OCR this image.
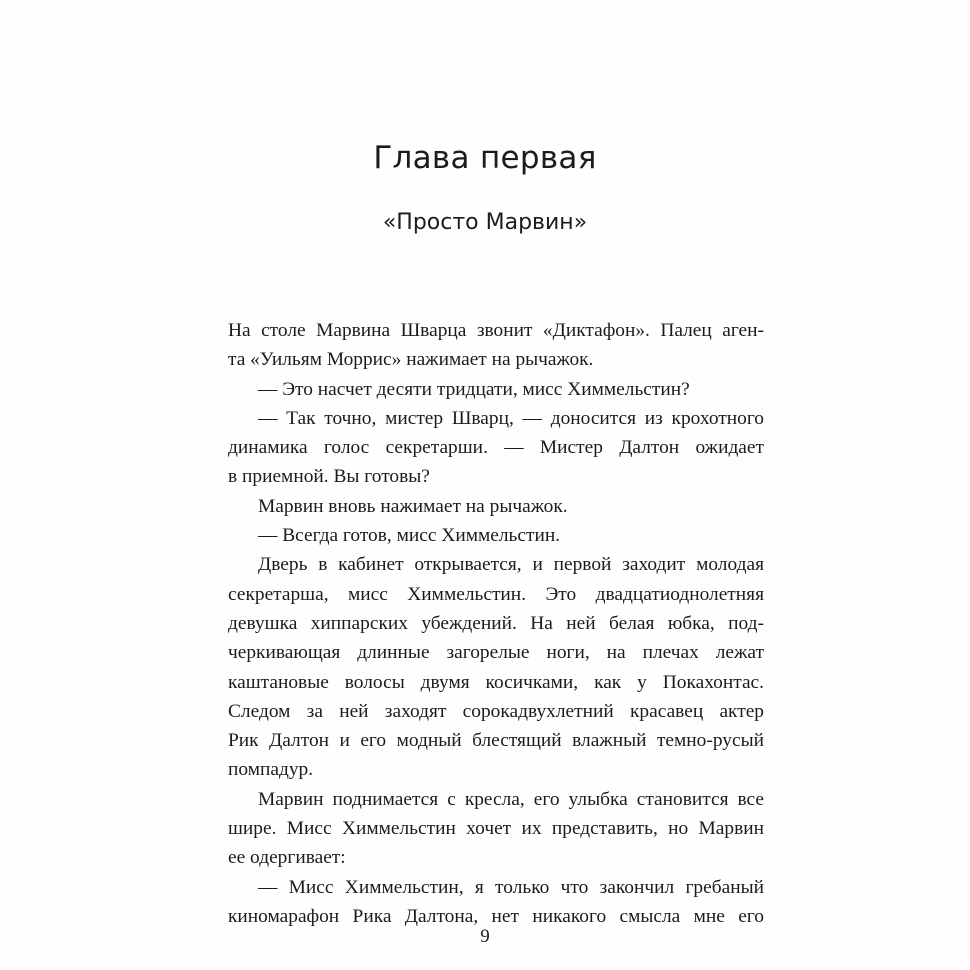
Глава первая
«Просто Марвин»
На столе Марвина Шварца звонит «Диктафон». Палец аген-
та «Уильям Моррис» нажимает на рычажок.
— Это насчет десяти тридцати, мисс Химмельстин?
— Так точно, мистер Шварц, — доносится из крохотного
динамика голос секретарши. — Мистер Далтон ожидает
в приемной. Вы готовы?
Марвин вновь нажимает на рычажок.
— Всегда готов, мисс Химмельстин.
Дверь в кабинет открывается, и первой заходит молодая
секретарша, мисс Химмельстин. Это двадцатиоднолетняя
девушка хиппарских убеждений. На ней белая юбка, под-
черкивающая длинные загорелые ноги, на плечах лежат
каштановые волосы двумя косичками, как у Покахонтас.
Следом за ней заходят сорокадвухлетний красавец актер
Рик Далтон и его модный блестящий влажный темно-русый
помпадур.
Марвин поднимается с кресла, его улыбка становится все
шире. Мисс Химмельстин хочет их представить, но Марвин
ее одергивает:
— Мисс Химмельстин, я только что закончил гребаный
киномарафон Рика Далтона, нет никакого смысла мне его
9
